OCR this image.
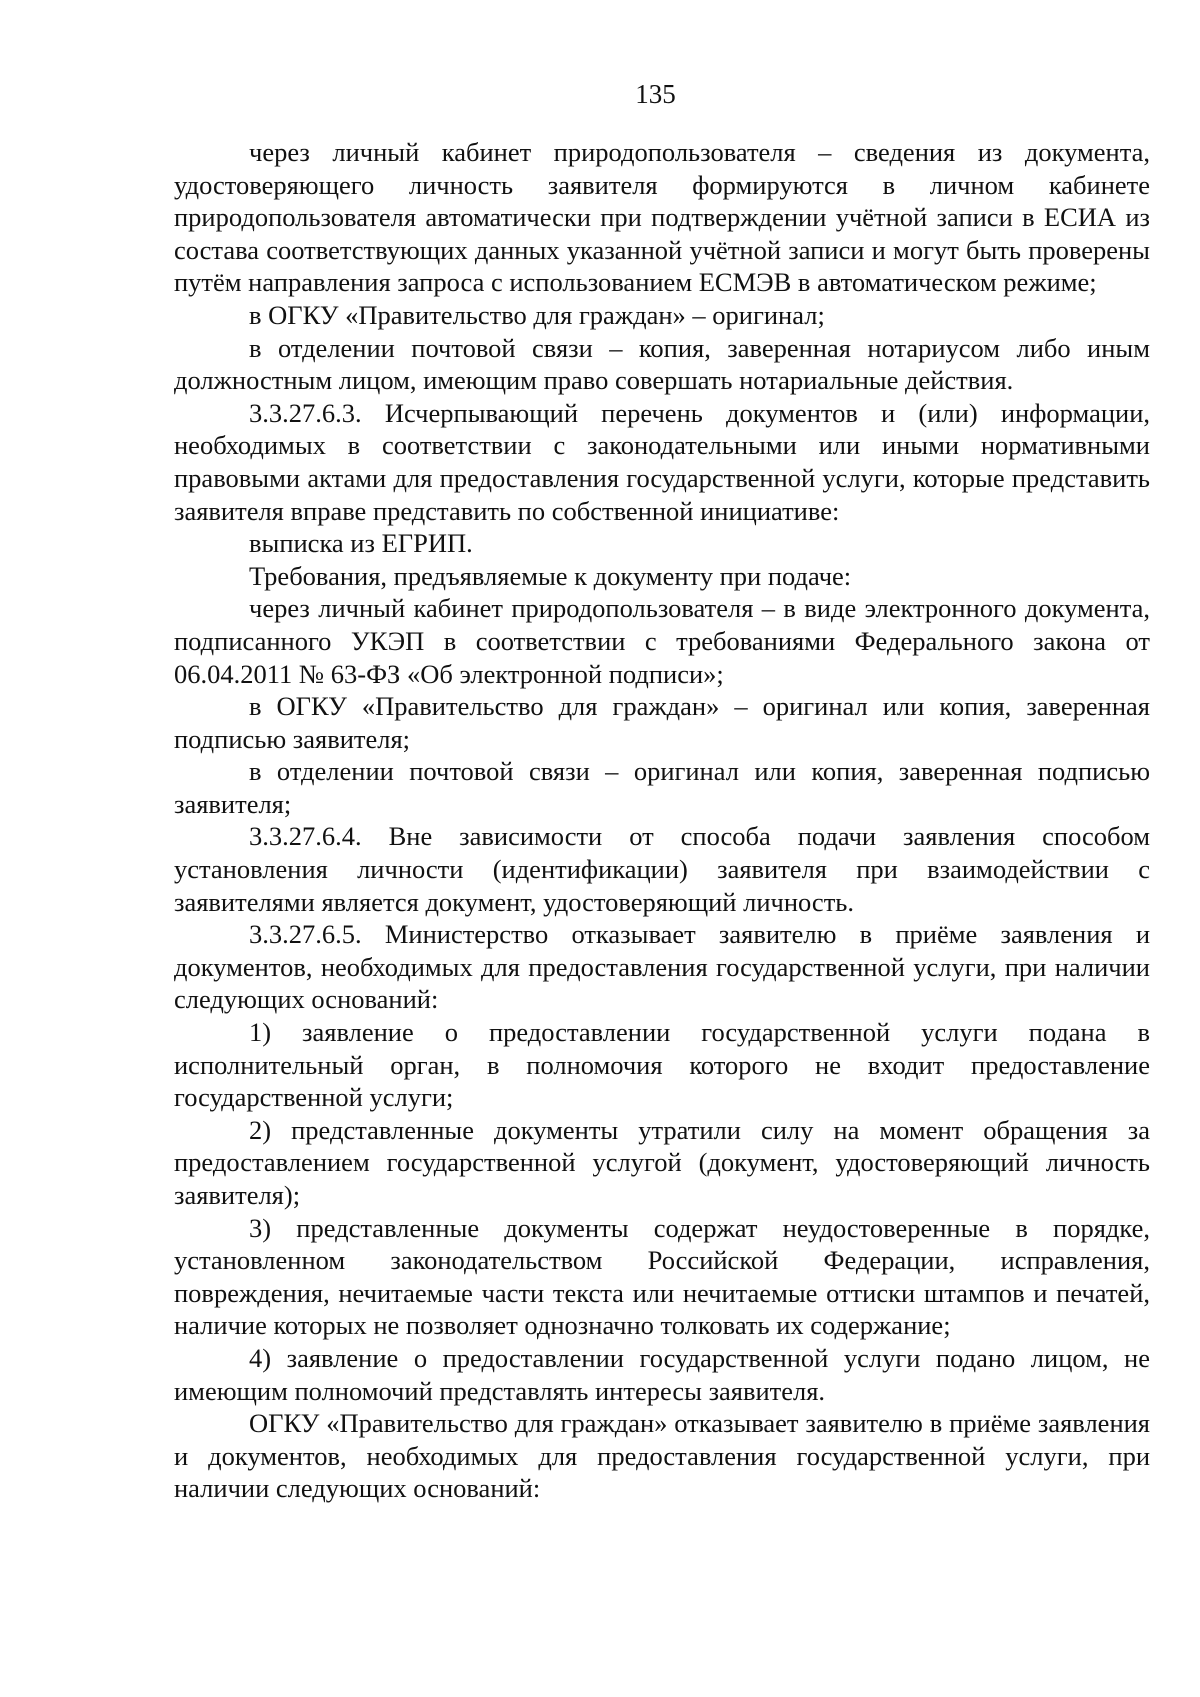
135

через личный кабинет природопользователя – сведения из документа, удостоверяющего личность заявителя формируются в личном кабинете природопользователя автоматически при подтверждении учётной записи в ЕСИА из состава соответствующих данных указанной учётной записи и могут быть проверены путём направления запроса с использованием ЕСМЭВ в автоматическом режиме;

в ОГКУ «Правительство для граждан» – оригинал;

в отделении почтовой связи – копия, заверенная нотариусом либо иным должностным лицом, имеющим право совершать нотариальные действия.

3.3.27.6.3. Исчерпывающий перечень документов и (или) информации, необходимых в соответствии с законодательными или иными нормативными правовыми актами для предоставления государственной услуги, которые представить заявителя вправе представить по собственной инициативе:

выписка из ЕГРИП.

Требования, предъявляемые к документу при подаче:

через личный кабинет природопользователя – в виде электронного документа, подписанного УКЭП в соответствии с требованиями Федерального закона от 06.04.2011 № 63-ФЗ «Об электронной подписи»;

в ОГКУ «Правительство для граждан» – оригинал или копия, заверенная подписью заявителя;

в отделении почтовой связи – оригинал или копия, заверенная подписью заявителя;

3.3.27.6.4. Вне зависимости от способа подачи заявления способом установления личности (идентификации) заявителя при взаимодействии с заявителями является документ, удостоверяющий личность.

3.3.27.6.5. Министерство отказывает заявителю в приёме заявления и документов, необходимых для предоставления государственной услуги, при наличии следующих оснований:

1) заявление о предоставлении государственной услуги подана в исполнительный орган, в полномочия которого не входит предоставление государственной услуги;

2) представленные документы утратили силу на момент обращения за предоставлением государственной услугой (документ, удостоверяющий личность заявителя);

3) представленные документы содержат неудостоверенные в порядке, установленном законодательством Российской Федерации, исправления, повреждения, нечитаемые части текста или нечитаемые оттиски штампов и печатей, наличие которых не позволяет однозначно толковать их содержание;

4) заявление о предоставлении государственной услуги подано лицом, не имеющим полномочий представлять интересы заявителя.

ОГКУ «Правительство для граждан» отказывает заявителю в приёме заявления и документов, необходимых для предоставления государственной услуги, при наличии следующих оснований:
